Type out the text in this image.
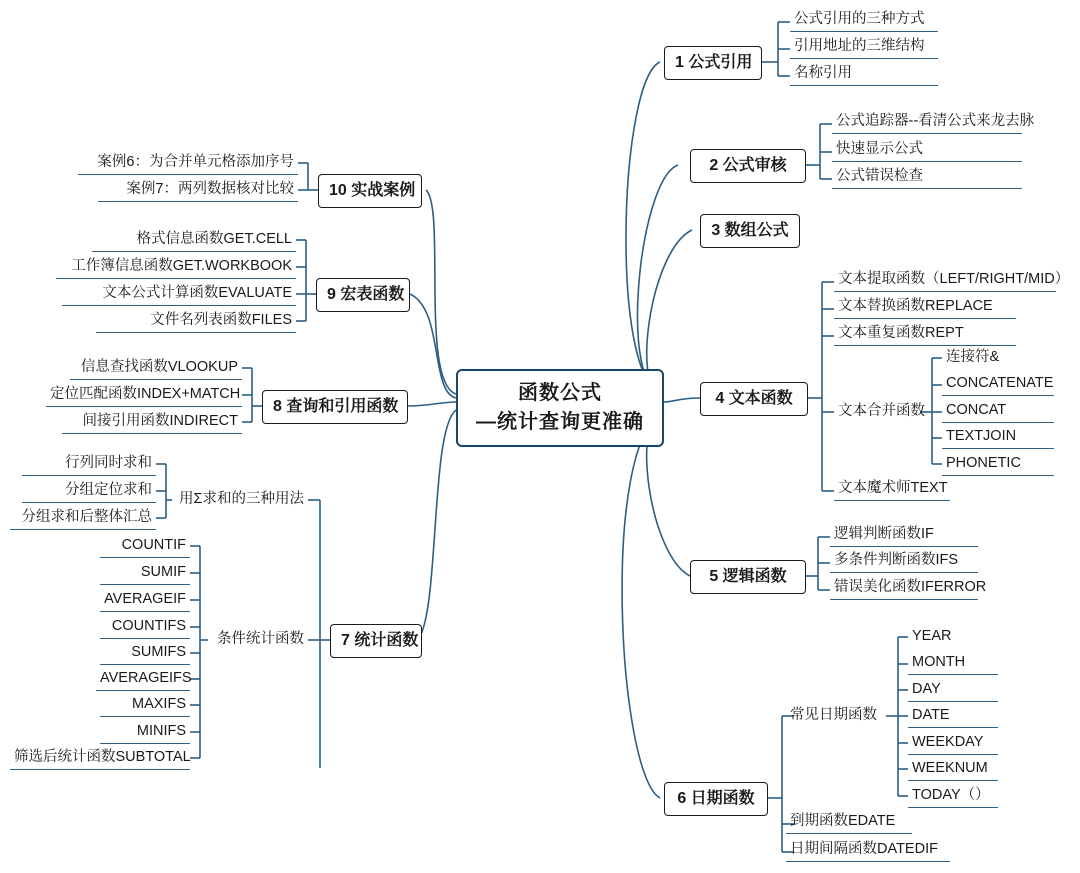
函数公式
—统计查询更准确
1 公式引用
公式引用的三种方式
引用地址的三维结构
名称引用
2 公式审核
公式追踪器--看清公式来龙去脉
快速显示公式
公式错误检查
3 数组公式
4 文本函数
文本提取函数（LEFT/RIGHT/MID）
文本替换函数REPLACE
文本重复函数REPT
文本合并函数
文本魔术师TEXT
连接符&
CONCATENATE
CONCAT
TEXTJOIN
PHONETIC
5 逻辑函数
逻辑判断函数IF
多条件判断函数IFS
错误美化函数IFERROR
6 日期函数
常见日期函数
到期函数EDATE
日期间隔函数DATEDIF
YEAR
MONTH
DAY
DATE
WEEKDAY
WEEKNUM
TODAY（）
7 统计函数
用Σ求和的三种用法
条件统计函数
行列同时求和
分组定位求和
分组求和后整体汇总
COUNTIF
SUMIF
AVERAGEIF
COUNTIFS
SUMIFS
AVERAGEIFS
MAXIFS
MINIFS
筛选后统计函数SUBTOTAL
8 查询和引用函数
信息查找函数VLOOKUP
定位匹配函数INDEX+MATCH
间接引用函数INDIRECT
9 宏表函数
格式信息函数GET.CELL
工作簿信息函数GET.WORKBOOK
文本公式计算函数EVALUATE
文件名列表函数FILES
10 实战案例
案例6：为合并单元格添加序号
案例7：两列数据核对比较
